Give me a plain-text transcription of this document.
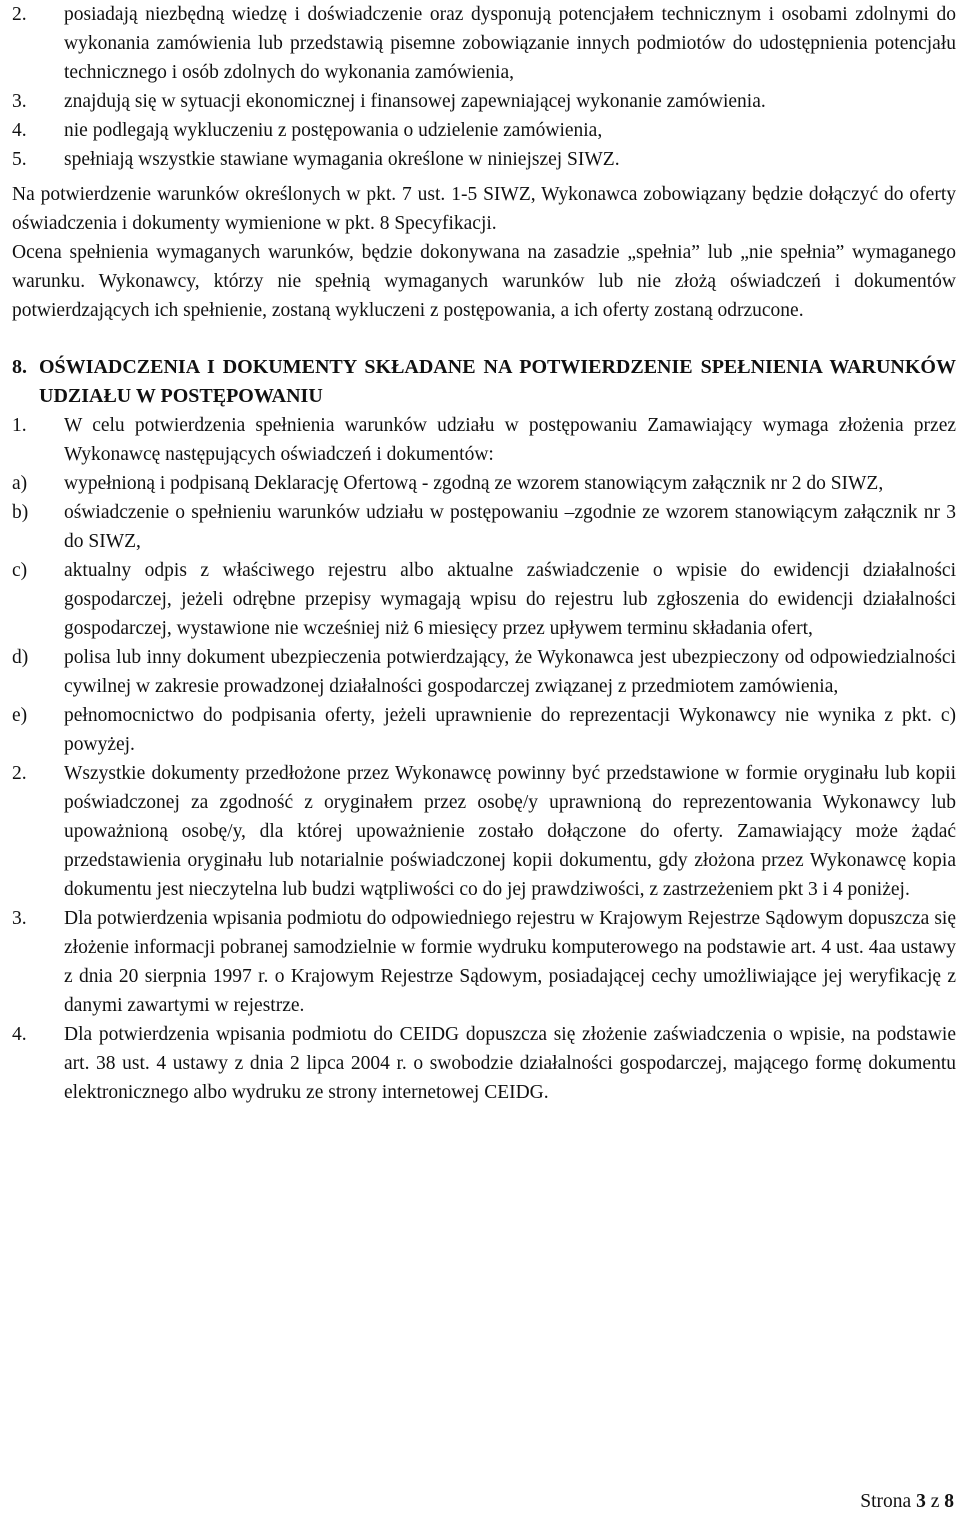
2.	posiadają niezbędną wiedzę i doświadczenie oraz dysponują potencjałem technicznym i osobami zdolnymi do wykonania zamówienia lub przedstawią pisemne zobowiązanie innych podmiotów do udostępnienia potencjału technicznego i osób zdolnych do wykonania zamówienia,
3.	znajdują się w sytuacji ekonomicznej i finansowej zapewniającej wykonanie zamówienia.
4.	nie podlegają wykluczeniu z postępowania o udzielenie zamówienia,
5.	spełniają wszystkie stawiane wymagania określone w niniejszej SIWZ.
Na potwierdzenie warunków określonych w pkt. 7 ust. 1-5 SIWZ, Wykonawca zobowiązany będzie dołączyć do oferty oświadczenia i dokumenty wymienione w pkt. 8 Specyfikacji.
Ocena spełnienia wymaganych warunków, będzie dokonywana na zasadzie „spełnia” lub „nie spełnia” wymaganego warunku. Wykonawcy, którzy nie spełnią wymaganych warunków lub nie złożą oświadczeń i dokumentów potwierdzających ich spełnienie, zostaną wykluczeni z postępowania, a ich oferty zostaną odrzucone.
8. OŚWIADCZENIA I DOKUMENTY SKŁADANE NA POTWIERDZENIE SPEŁNIENIA WARUNKÓW UDZIAŁU W POSTĘPOWANIU
1.	W celu potwierdzenia spełnienia warunków udziału w postępowaniu Zamawiający wymaga złożenia przez Wykonawcę następujących oświadczeń i dokumentów:
a)	wypełnioną i podpisaną Deklarację Ofertową - zgodną ze wzorem stanowiącym załącznik nr 2 do SIWZ,
b)	oświadczenie o spełnieniu warunków udziału w postępowaniu –zgodnie ze wzorem stanowiącym załącznik nr 3 do SIWZ,
c)	aktualny odpis z właściwego rejestru albo aktualne zaświadczenie o wpisie do ewidencji działalności gospodarczej, jeżeli odrębne przepisy wymagają wpisu do rejestru lub zgłoszenia do ewidencji działalności gospodarczej, wystawione nie wcześniej niż 6 miesięcy przez upływem terminu składania ofert,
d)	polisa lub inny dokument ubezpieczenia potwierdzający, że Wykonawca jest ubezpieczony od odpowiedzialności cywilnej w zakresie prowadzonej działalności gospodarczej związanej z przedmiotem zamówienia,
e)	pełnomocnictwo do podpisania oferty, jeżeli uprawnienie do reprezentacji Wykonawcy nie wynika z pkt. c) powyżej.
2.	Wszystkie dokumenty przedłożone przez Wykonawcę powinny być przedstawione w formie oryginału lub kopii poświadczonej za zgodność z oryginałem przez osobę/y uprawnioną do reprezentowania Wykonawcy lub upoważnioną osobę/y, dla której upoważnienie zostało dołączone do oferty. Zamawiający może żądać przedstawienia oryginału lub notarialnie poświadczonej kopii dokumentu, gdy złożona przez Wykonawcę kopia dokumentu jest nieczytelna lub budzi wątpliwości co do jej prawdziwości, z zastrzeżeniem pkt 3 i 4 poniżej.
3.	Dla potwierdzenia wpisania podmiotu do odpowiedniego rejestru w Krajowym Rejestrze Sądowym dopuszcza się złożenie informacji pobranej samodzielnie w formie wydruku komputerowego na podstawie art. 4 ust. 4aa ustawy z dnia 20 sierpnia 1997 r. o Krajowym Rejestrze Sądowym, posiadającej cechy umożliwiające jej weryfikację z danymi zawartymi w rejestrze.
4.	Dla potwierdzenia wpisania podmiotu do CEIDG dopuszcza się złożenie zaświadczenia o wpisie, na podstawie art. 38 ust. 4 ustawy z dnia 2 lipca 2004 r. o swobodzie działalności gospodarczej, mającego formę dokumentu elektronicznego albo wydruku ze strony internetowej CEIDG.
Strona 3 z 8
